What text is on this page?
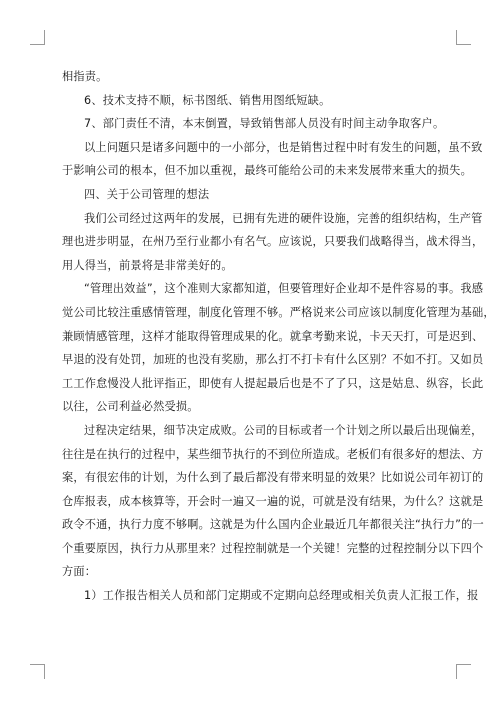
相指责。

6、技术支持不顺，标书图纸、销售用图纸短缺。

7、部门责任不清，本末倒置，导致销售部人员没有时间主动争取客户。

以上问题只是诸多问题中的一小部分，也是销售过程中时有发生的问题，虽不致

于影响公司的根本，但不加以重视，最终可能给公司的未来发展带来重大的损失。

四、关于公司管理的想法

我们公司经过这两年的发展，已拥有先进的硬件设施，完善的组织结构，生产管

理也进步明显，在州乃至行业都小有名气。应该说，只要我们战略得当，战术得当，

用人得当，前景将是非常美好的。

“管理出效益”，这个准则大家都知道，但要管理好企业却不是件容易的事。我感

觉公司比较注重感情管理，制度化管理不够。严格说来公司应该以制度化管理为基础，

兼顾情感管理，这样才能取得管理成果的化。就拿考勤来说，卡天天打，可是迟到、

早退的没有处罚，加班的也没有奖励，那么打不打卡有什么区别？不如不打。又如员

工工作怠慢没人批评指正，即使有人提起最后也是不了了只，这是姑息、纵容，长此

以往，公司利益必然受损。

过程决定结果，细节决定成败。公司的目标或者一个计划之所以最后出现偏差，

往往是在执行的过程中，某些细节执行的不到位所造成。老板们有很多好的想法、方

案，有很宏伟的计划，为什么到了最后都没有带来明显的效果？比如说公司年初订的

仓库报表，成本核算等，开会时一遍又一遍的说，可就是没有结果，为什么？这就是

政令不通，执行力度不够啊。这就是为什么国内企业最近几年都很关注“执行力”的一

个重要原因，执行力从那里来？过程控制就是一个关键！完整的过程控制分以下四个

方面：

1）工作报告相关人员和部门定期或不定期向总经理或相关负责人汇报工作，报
